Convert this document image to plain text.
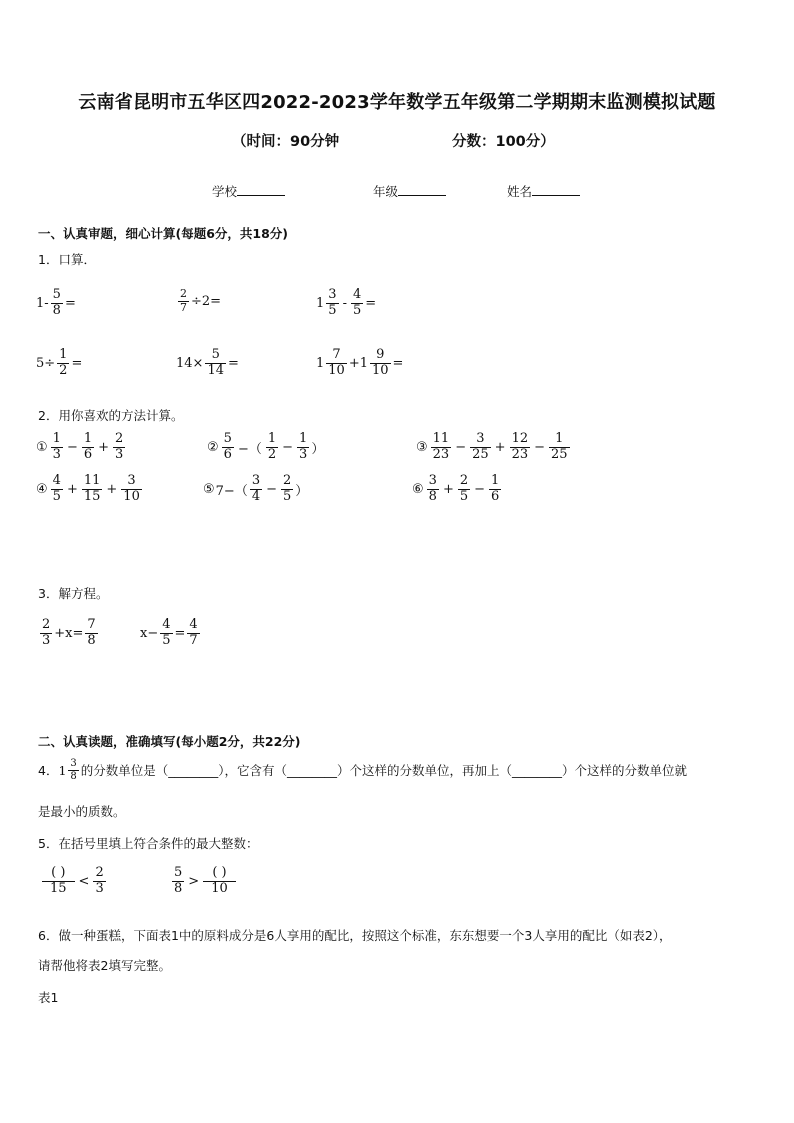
云南省昆明市五华区四2022-2023学年数学五年级第二学期期末监测模拟试题
（时间：90分钟	分数：100分）
学校	年级	姓名
一、认真审题，细心计算(每题6分，共18分)
1．口算．
$1- \frac{5}{8}$ =	$\frac{2}{7} \div 2=$	$1 \frac{3}{5} - \frac{4}{5}$ =
$5\div \frac{1}{2}$ =	$14\times \frac{5}{14}$ =	$1 \frac{7}{10} +1 \frac{9}{10}$ =
2．用你喜欢的方法计算。
① $\frac{1}{3} - \frac{1}{6} + \frac{2}{3}$	② $\frac{5}{6}$ −（ $\frac{1}{2} - \frac{1}{3}$ ）	③ $\frac{11}{23} - \frac{3}{25} + \frac{12}{23} - \frac{1}{25}$
④ $\frac{4}{5} + \frac{11}{15} + \frac{3}{10}$	⑤ $7-( \frac{3}{4} - \frac{2}{5}$ ）	⑥ $\frac{3}{8} + \frac{2}{5} - \frac{1}{6}$
3．解方程。
$\frac{2}{3} +x= \frac{7}{8}$	$x- \frac{4}{5} = \frac{4}{7}$
二、认真读题，准确填写(每小题2分，共22分)
4． $1 \frac{3}{8}$ 的分数单位是（________），它含有（________）个这样的分数单位，再加上（________）个这样的分数单位就
是最小的质数。
5．在括号里填上符合条件的最大整数：
$\frac{( )}{15} < \frac{2}{3}$	$\frac{5}{8} > \frac{( )}{10}$
6．做一种蛋糕，下面表1中的原料成分是6人享用的配比，按照这个标准，东东想要一个3人享用的配比（如表2），
请帮他将表2填写完整。
表1
